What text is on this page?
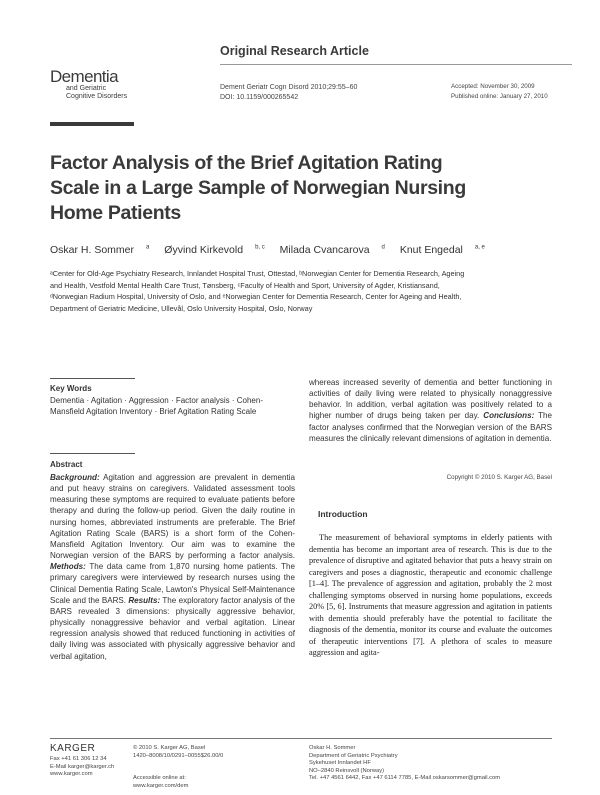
Original Research Article
Dementia
and Geriatric
Cognitive Disorders
Dement Geriatr Cogn Disord 2010;29:55–60
DOI: 10.1159/000265542
Accepted: November 30, 2009
Published online: January 27, 2010
Factor Analysis of the Brief Agitation Rating Scale in a Large Sample of Norwegian Nursing Home Patients
Oskar H. Sommer $^a$ Øyvind Kirkevold $^{b, c}$ Milada Cvancarova $^d$ Knut Engedal $^{a, e}$
ᵃCenter for Old-Age Psychiatry Research, Innlandet Hospital Trust, Ottestad, ᵇNorwegian Center for Dementia Research, Ageing and Health, Vestfold Mental Health Care Trust, Tønsberg, ᶜFaculty of Health and Sport, University of Agder, Kristiansand, ᵈNorwegian Radium Hospital, University of Oslo, and ᵉNorwegian Center for Dementia Research, Center for Ageing and Health, Department of Geriatric Medicine, Ullevål, Oslo University Hospital, Oslo, Norway
Key Words
Dementia · Agitation · Aggression · Factor analysis · Cohen-Mansfield Agitation Inventory · Brief Agitation Rating Scale
Abstract
Background: Agitation and aggression are prevalent in dementia and put heavy strains on caregivers. Validated assessment tools measuring these symptoms are required to evaluate patients before therapy and during the follow-up period. Given the daily routine in nursing homes, abbreviated instruments are preferable. The Brief Agitation Rating Scale (BARS) is a short form of the Cohen-Mansfield Agitation Inventory. Our aim was to examine the Norwegian version of the BARS by performing a factor analysis. Methods: The data came from 1,870 nursing home patients. The primary caregivers were interviewed by research nurses using the Clinical Dementia Rating Scale, Lawton's Physical Self-Maintenance Scale and the BARS. Results: The exploratory factor analysis of the BARS revealed 3 dimensions: physically aggressive behavior, physically nonaggressive behavior and verbal agitation. Linear regression analysis showed that reduced functioning in activities of daily living was associated with physically aggressive behavior and verbal agitation,
whereas increased severity of dementia and better functioning in activities of daily living were related to physically nonaggressive behavior. In addition, verbal agitation was positively related to a higher number of drugs being taken per day. Conclusions: The factor analyses confirmed that the Norwegian version of the BARS measures the clinically relevant dimensions of agitation in dementia.
Copyright © 2010 S. Karger AG, Basel
Introduction

The measurement of behavioral symptoms in elderly patients with dementia has become an important area of research. This is due to the prevalence of disruptive and agitated behavior that puts a heavy strain on caregivers and poses a diagnostic, therapeutic and economic challenge [1–4]. The prevalence of aggression and agitation, probably the 2 most challenging symptoms observed in nursing home populations, exceeds 20% [5, 6]. Instruments that measure aggression and agitation in patients with dementia should preferably have the potential to facilitate the diagnosis of the dementia, monitor its course and evaluate the outcomes of therapeutic interventions [7]. A plethora of scales to measure aggression and agita-

KARGER
Fax +41 61 306 12 34
E-Mail karger@karger.ch
www.karger.com
© 2010 S. Karger AG, Basel
1420–8008/10/0291–0055$26.00/0
Accessible online at:
www.karger.com/dem
Oskar H. Sommer
Department of Geriatric Psychiatry
Sykehuset Innlandet HF
NO–2840 Reinsvoll (Norway)
Tel. +47 4561 6442, Fax +47 6114 7785, E-Mail oskarsommer@gmail.com
